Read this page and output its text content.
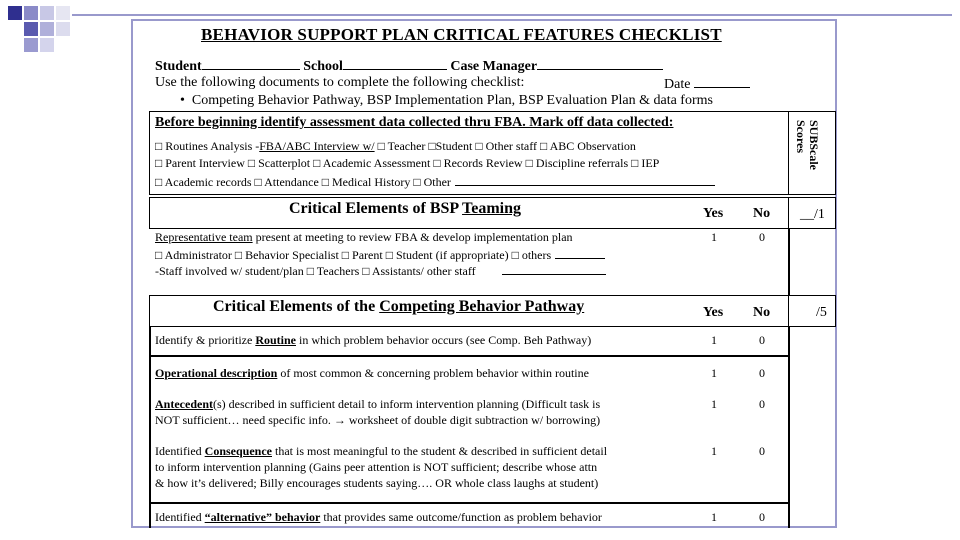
BEHAVIOR SUPPORT PLAN CRITICAL FEATURES CHECKLIST
Student	School	Case Manager
Use the following documents to complete the following checklist:	Date
•  Competing Behavior Pathway, BSP Implementation Plan, BSP Evaluation Plan & data forms
Before beginning identify assessment data collected thru FBA. Mark off data collected:
□ Routines Analysis -FBA/ABC Interview w/ □ Teacher □Student □ Other staff □ ABC Observation
□ Parent Interview □ Scatterplot □ Academic Assessment □ Records Review □ Discipline referrals □ IEP
□ Academic records □ Attendance □ Medical History □ Other
SUBScale
Scores
Critical Elements of BSP Teaming	Yes No __/1
Representative team present at meeting to review FBA & develop implementation plan
□ Administrator □ Behavior Specialist □ Parent □ Student (if appropriate) □ others
-Staff involved w/ student/plan □ Teachers □ Assistants/ other staff
1	0
Critical Elements of the Competing Behavior Pathway	Yes No	/5
Identify & prioritize Routine in which problem behavior occurs (see Comp. Beh Pathway)	1	0
Operational description of most common & concerning problem behavior within routine	1	0
Antecedent(s) described in sufficient detail to inform intervention planning (Difficult task is
NOT sufficient… need specific info. → worksheet of double digit subtraction w/ borrowing)
1	0
Identified Consequence that is most meaningful to the student & described in sufficient detail
to inform intervention planning (Gains peer attention is NOT sufficient; describe whose attn
& how it’s delivered; Billy encourages students saying…. OR whole class laughs at student)
1	0
Identified “alternative” behavior that provides same outcome/function as problem behavior	1	0
